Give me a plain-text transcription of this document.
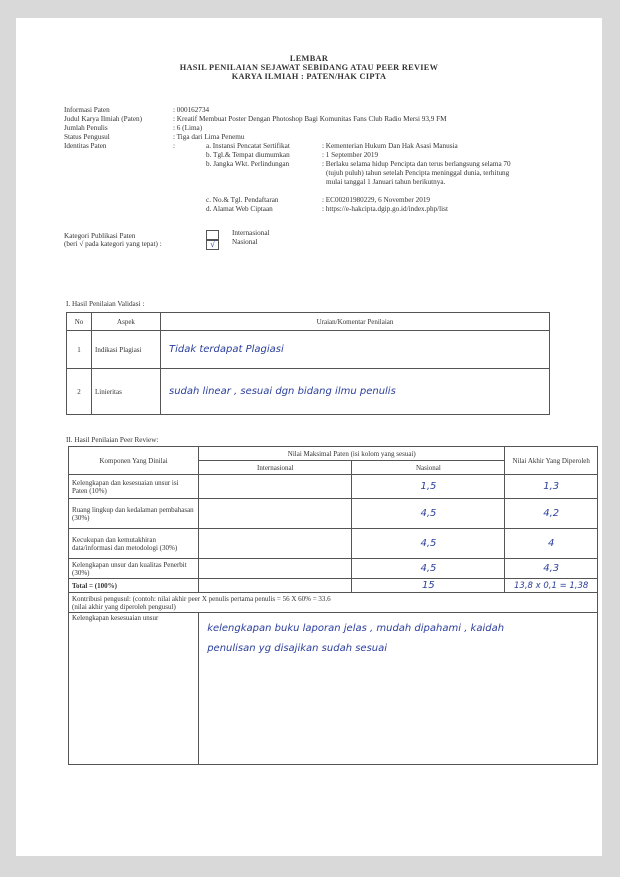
LEMBAR
HASIL PENILAIAN SEJAWAT SEBIDANG ATAU PEER REVIEW
KARYA ILMIAH : PATEN/HAK CIPTA
Informasi Paten	: 000162734
Judul Karya Ilmiah (Paten)	: Kreatif Membuat Poster Dengan Photoshop Bagi Komunitas Fans Club Radio Mersi 93,9 FM
Jumlah Penulis	: 6 (Lima)
Status Pengusul	: Tiga dari Lima Penemu
Identitas Paten	:	a. Instansi Pencatat Sertifikat	: Kementerian Hukum Dan Hak Asasi Manusia
b. Tgl.& Tempat diumumkan	: 1 September 2019
b. Jangka Wkt. Perlindungan	: Berlaku selama hidup Pencipta dan terus berlangsung selama 70
(tujuh puluh) tahun setelah Pencipta meninggal dunia, terhitung
mulai tanggal 1 Januari tahun berikutnya.
c. No.& Tgl. Pendaftaran	: EC00201980229, 6 November 2019
d. Alamat Web Ciptaan	: https://e-hakcipta.dgip.go.id/index.php/list
Kategori Publikasi Paten
(beri √ pada kategori yang tepat) :
Internasional
√	Nasional
I. Hasil Penilaian Validasi :
No	Aspek	Uraian/Komentar Penilaian
1	Indikasi Plagiasi	Tidak terdapat Plagiasi
2	Linieritas	sudah linear , sesuai dgn bidang ilmu penulis
II. Hasil Penilaian Peer Review:
Komponen Yang Dinilai	Nilai Maksimal Paten (isi kolom yang sesuai)		Nilai Akhir Yang Diperoleh
	Internasional	Nasional	
Kelengkapan dan kesesuaian unsur isi Paten (10%)		1,5	1,3
Ruang lingkup dan kedalaman pembahasan (30%)		4,5	4,2
Kecukupan dan kemutakhiran data/informasi dan metodologi (30%)		4,5	4
Kelengkapan unsur dan kualitas Penerbit (30%)		4,5	4,3
Total = (100%)		15	13,8 x 0,1 = 1,38

Kontribusi pengusul: (contoh: nilai akhir peer X penulis pertama penulis = 56 X 60% = 33.6
(nilai akhir yang diperoleh pengusul)			

Kelengkapan kesesuaian unsur	kelengkapan buku laporan jelas , mudah dipahami , kaidah
penulisan yg disajikan sudah sesuai		
